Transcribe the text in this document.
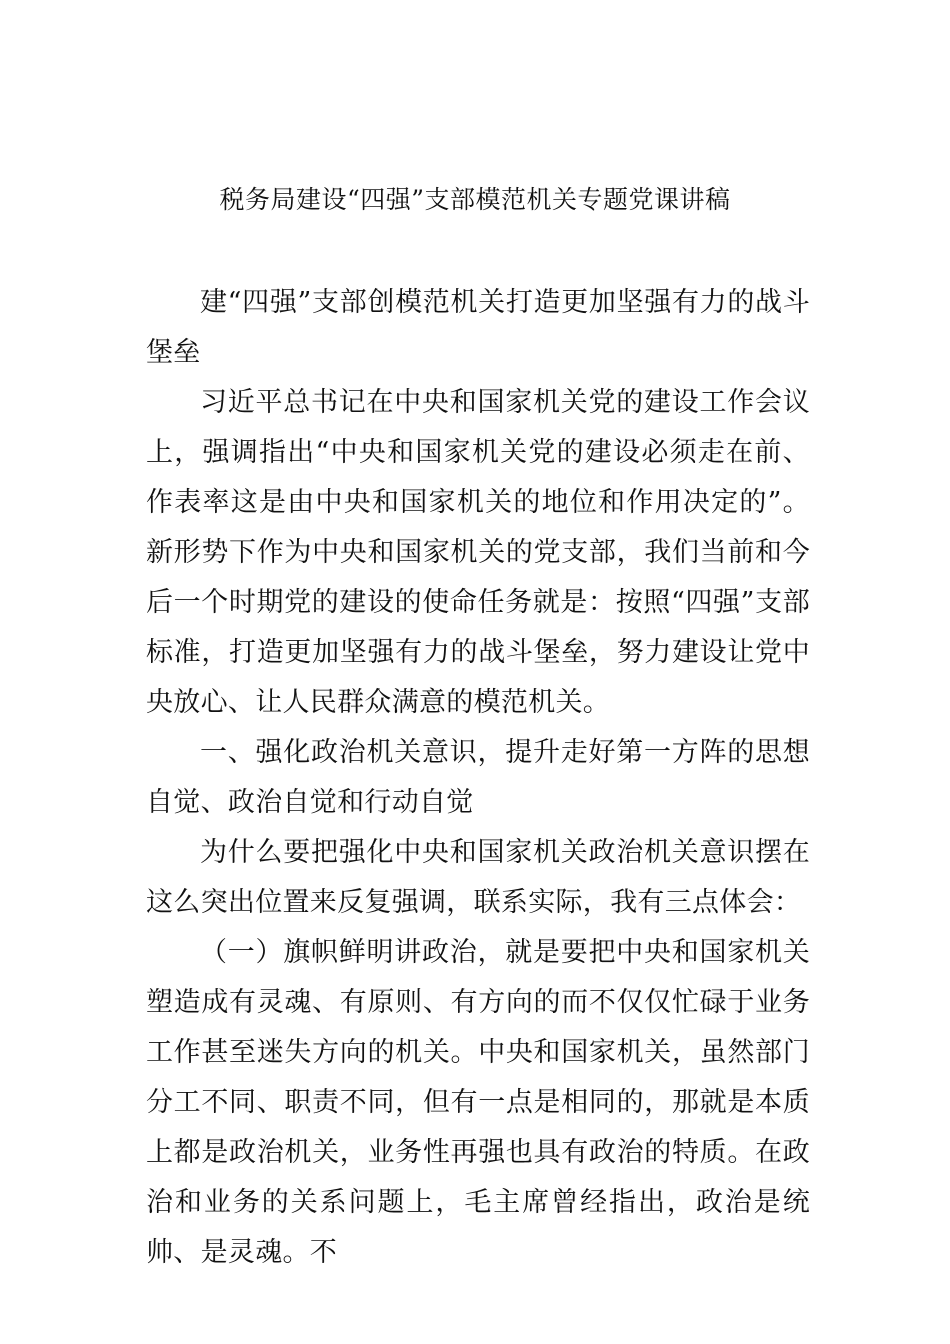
税务局建设“四强”支部模范机关专题党课讲稿

建“四强”支部创模范机关打造更加坚强有力的战斗堡垒

习近平总书记在中央和国家机关党的建设工作会议上，强调指出“中央和国家机关党的建设必须走在前、作表率这是由中央和国家机关的地位和作用决定的”。新形势下作为中央和国家机关的党支部，我们当前和今后一个时期党的建设的使命任务就是：按照“四强”支部标准，打造更加坚强有力的战斗堡垒，努力建设让党中央放心、让人民群众满意的模范机关。

一、强化政治机关意识，提升走好第一方阵的思想自觉、政治自觉和行动自觉

为什么要把强化中央和国家机关政治机关意识摆在这么突出位置来反复强调，联系实际，我有三点体会：

（一）旗帜鲜明讲政治，就是要把中央和国家机关塑造成有灵魂、有原则、有方向的而不仅仅忙碌于业务工作甚至迷失方向的机关。中央和国家机关，虽然部门分工不同、职责不同，但有一点是相同的，那就是本质上都是政治机关，业务性再强也具有政治的特质。在政治和业务的关系问题上，毛主席曾经指出，政治是统帅、是灵魂。不
